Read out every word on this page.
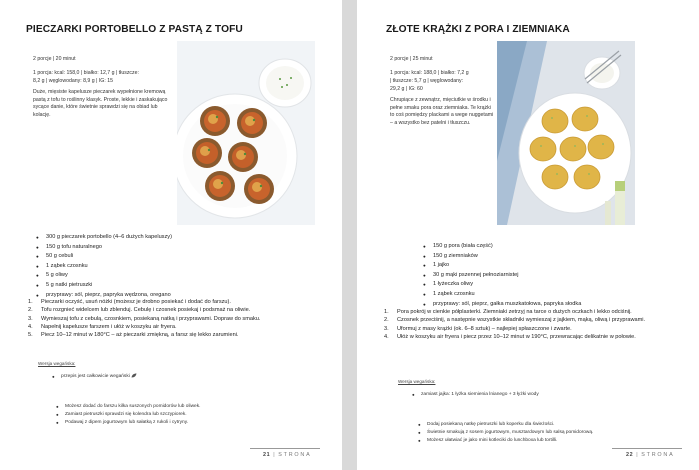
PIECZARKI PORTOBELLO Z PASTĄ Z TOFU
2 porcje | 20 minut
1 porcja: kcal: 158,0 | białko: 12,7 g | tłuszcze:
8,2 g | węglowodany: 8,9 g | IG: 15
Duże, mięsiste kapelusze pieczarek wypełnione kremową pastą z tofu to roślinny klasyk. Proste, lekkie i zaskakująco sycące danie, które świetnie sprawdzi się na obiad lub kolację.
● 300 g pieczarek portobello (4–6 dużych kapeluszy)
● 150 g tofu naturalnego
● 50 g cebuli
● 1 ząbek czosnku
● 5 g oliwy
● 5 g natki pietruszki
● przyprawy: sól, pieprz, papryka wędzona, oregano
1. Pieczarki oczyść, usuń nóżki (możesz je drobno posiekać i dodać do farszu).
2. Tofu rozgnieć widelcem lub zblenduj. Cebulę i czosnek posiekaj i podsmaż na oliwie.
3. Wymieszaj tofu z cebulą, czosnkiem, posiekaną natką i przyprawami. Dopraw do smaku.
4. Napełnij kapelusze farszem i ułóż w koszyku air fryera.
5. Piecz 10–12 minut w 180°C – aż pieczarki zmiękną, a farsz się lekko zarumieni.
Wersja wegańska:
● przepis jest całkowicie wegański
● Możesz dodać do farszu kilka suszonych pomidorów lub oliwek.
● Zamiast pietruszki sprawdzi się kolendra lub szczypiorek.
● Podawaj z dipem jogurtowym lub sałatką z rukoli i cytryny.
21 | STRONA
ZŁOTE KRĄŻKI Z PORA I ZIEMNIAKA
2 porcje | 25 minut
1 porcja: kcal: 188,0 | białko: 7,2 g
| tłuszcze: 5,7 g | węglowodany:
29,2 g | IG: 60
Chrupiące z zewnątrz, mięciutkie w środku i pełne smaku pora oraz ziemniaka. Te krążki to coś pomiędzy plackami a wege nuggetami – a wszystko bez patelni i tłuszczu.
● 150 g pora (biała część)
● 150 g ziemniaków
● 1 jajko
● 30 g mąki pszennej pełnoziarnistej
● 1 łyżeczka oliwy
● 1 ząbek czosnku
● przyprawy: sól, pieprz, gałka muszkatołowa, papryka słodka
1. Pora pokrój w cienkie półplasterki. Ziemniaki zetrzyj na tarce o dużych oczkach i lekko odciśnij.
2. Czosnek przeciśnij, a następnie wszystkie składniki wymieszaj z jajkiem, mąką, oliwą i przyprawami.
3. Uformuj z masy krążki (ok. 6–8 sztuk) – najlepiej spłaszczone i zwarte.
4. Ułóż w koszyku air fryera i piecz przez 10–12 minut w 190°C, przewracając delikatnie w połowie.
Wersja wegańska:
● zamiast jajka: 1 łyżka siemienia lnianego + 3 łyżki wody
● Dodaj posiekaną natkę pietruszki lub koperku dla świeżości.
● Świetnie smakują z sosem jogurtowym, musztardowym lub salsą pomidorową.
● Możesz ułatwiać je jako mini kotleciki do lunchboxa lub tortilli.
22 | STRONA
